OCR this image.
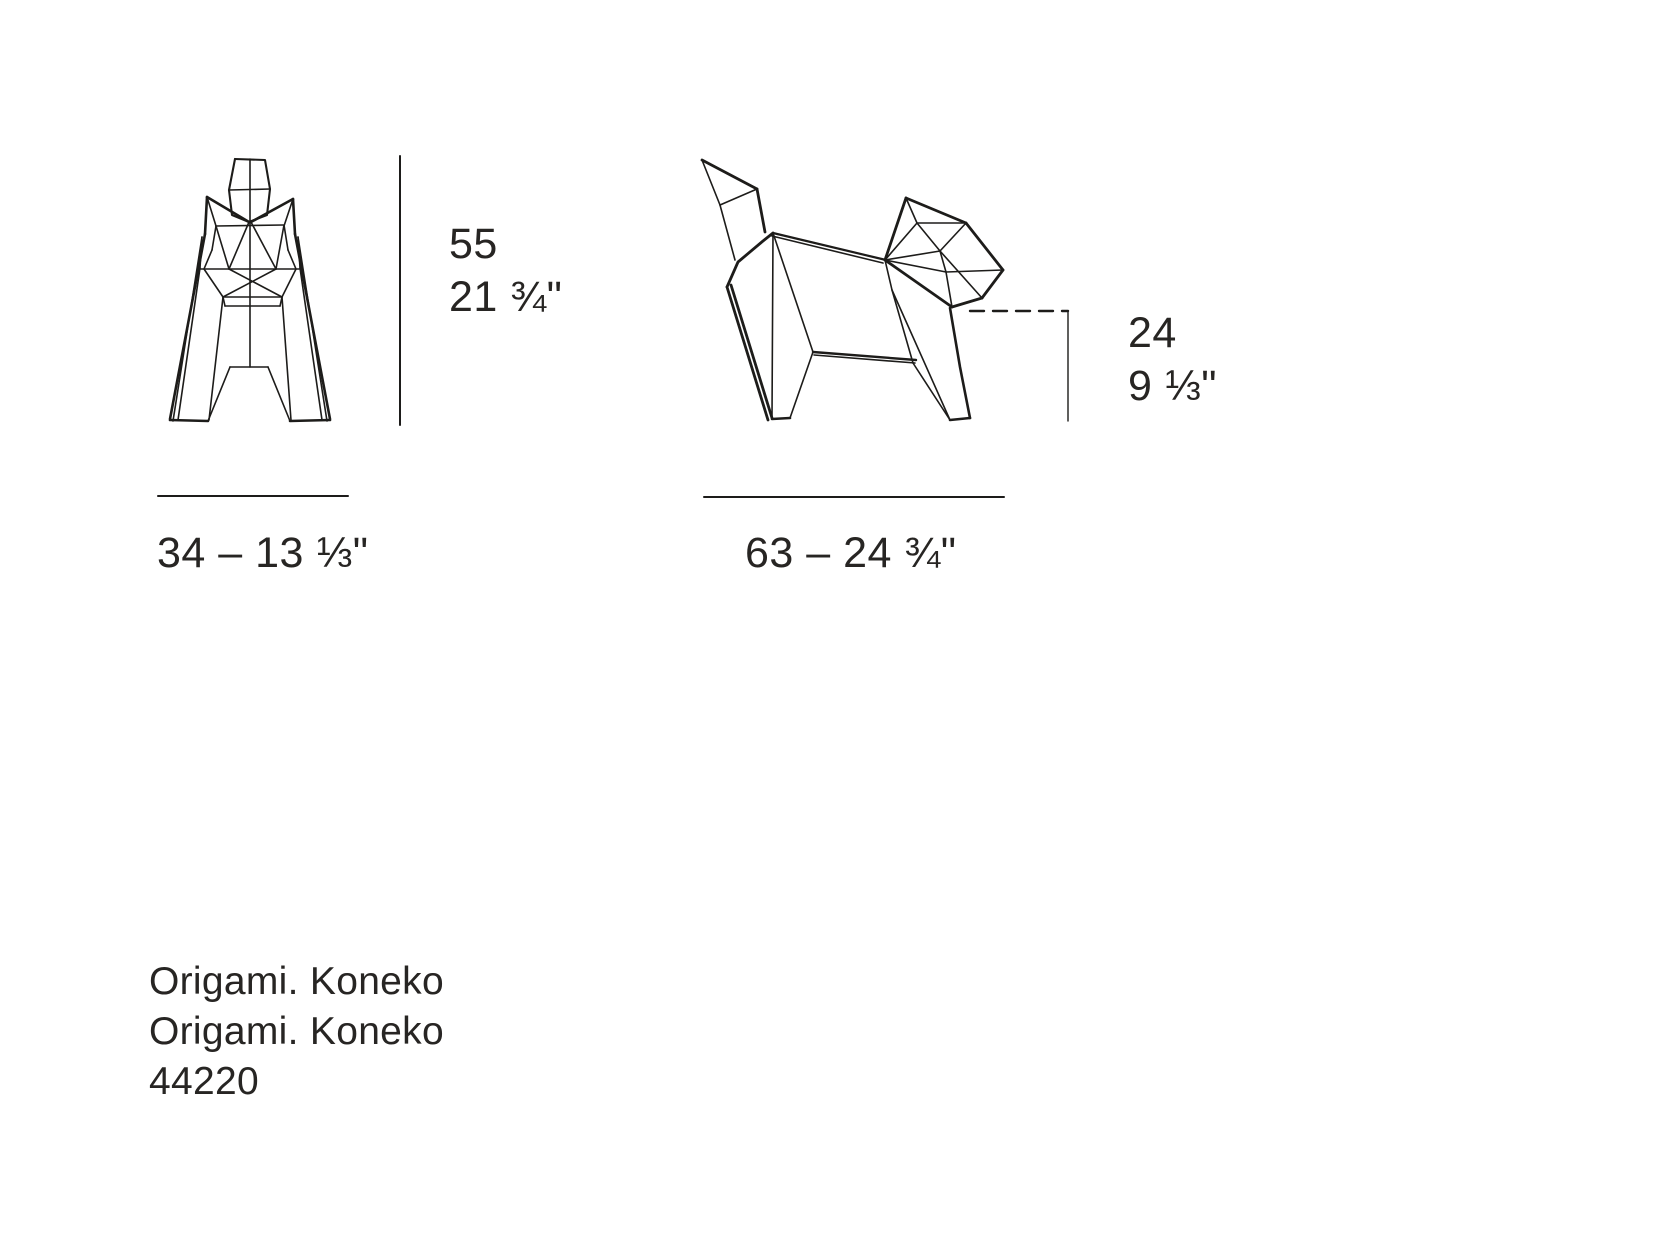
55
21 ¾"
24
9 ⅓"
34 – 13 ⅓"	63 – 24 ¾"
Origami. Koneko
Origami. Koneko
44220
